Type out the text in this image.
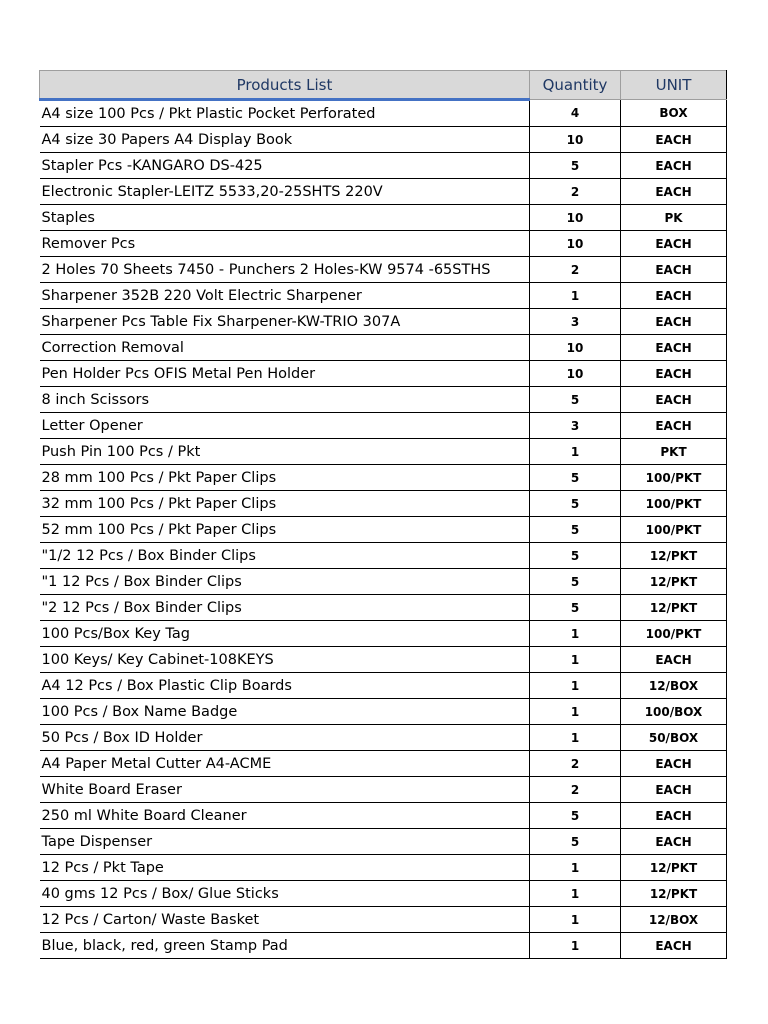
Products List	Quantity	UNIT
A4 size 100 Pcs / Pkt Plastic Pocket Perforated	4	BOX
A4 size 30 Papers A4 Display Book	10	EACH
Stapler Pcs -KANGARO DS-425	5	EACH
Electronic Stapler-LEITZ 5533,20-25SHTS 220V	2	EACH
Staples	10	PK
Remover Pcs	10	EACH
2 Holes 70 Sheets 7450 - Punchers 2 Holes-KW 9574 -65STHS	2	EACH
Sharpener 352B 220 Volt Electric Sharpener	1	EACH
Sharpener Pcs Table Fix Sharpener-KW-TRIO 307A	3	EACH
Correction Removal	10	EACH
Pen Holder Pcs OFIS Metal Pen Holder	10	EACH
8 inch Scissors	5	EACH
Letter Opener	3	EACH
Push Pin 100 Pcs / Pkt	1	PKT
28 mm 100 Pcs / Pkt Paper Clips	5	100/PKT
32 mm 100 Pcs / Pkt Paper Clips	5	100/PKT
52 mm 100 Pcs / Pkt Paper Clips	5	100/PKT
"1/2 12 Pcs / Box Binder Clips	5	12/PKT
"1 12 Pcs / Box Binder Clips	5	12/PKT
"2 12 Pcs / Box Binder Clips	5	12/PKT
100 Pcs/Box Key Tag	1	100/PKT
100 Keys/ Key Cabinet-108KEYS	1	EACH
A4 12 Pcs / Box Plastic Clip Boards	1	12/BOX
100 Pcs / Box Name Badge	1	100/BOX
50 Pcs / Box ID Holder	1	50/BOX
A4 Paper Metal Cutter A4-ACME	2	EACH
White Board Eraser	2	EACH
250 ml White Board Cleaner	5	EACH
Tape Dispenser	5	EACH
12 Pcs / Pkt Tape	1	12/PKT
40 gms 12 Pcs / Box/ Glue Sticks	1	12/PKT
12 Pcs / Carton/ Waste Basket	1	12/BOX
Blue, black, red, green Stamp Pad	1	EACH
